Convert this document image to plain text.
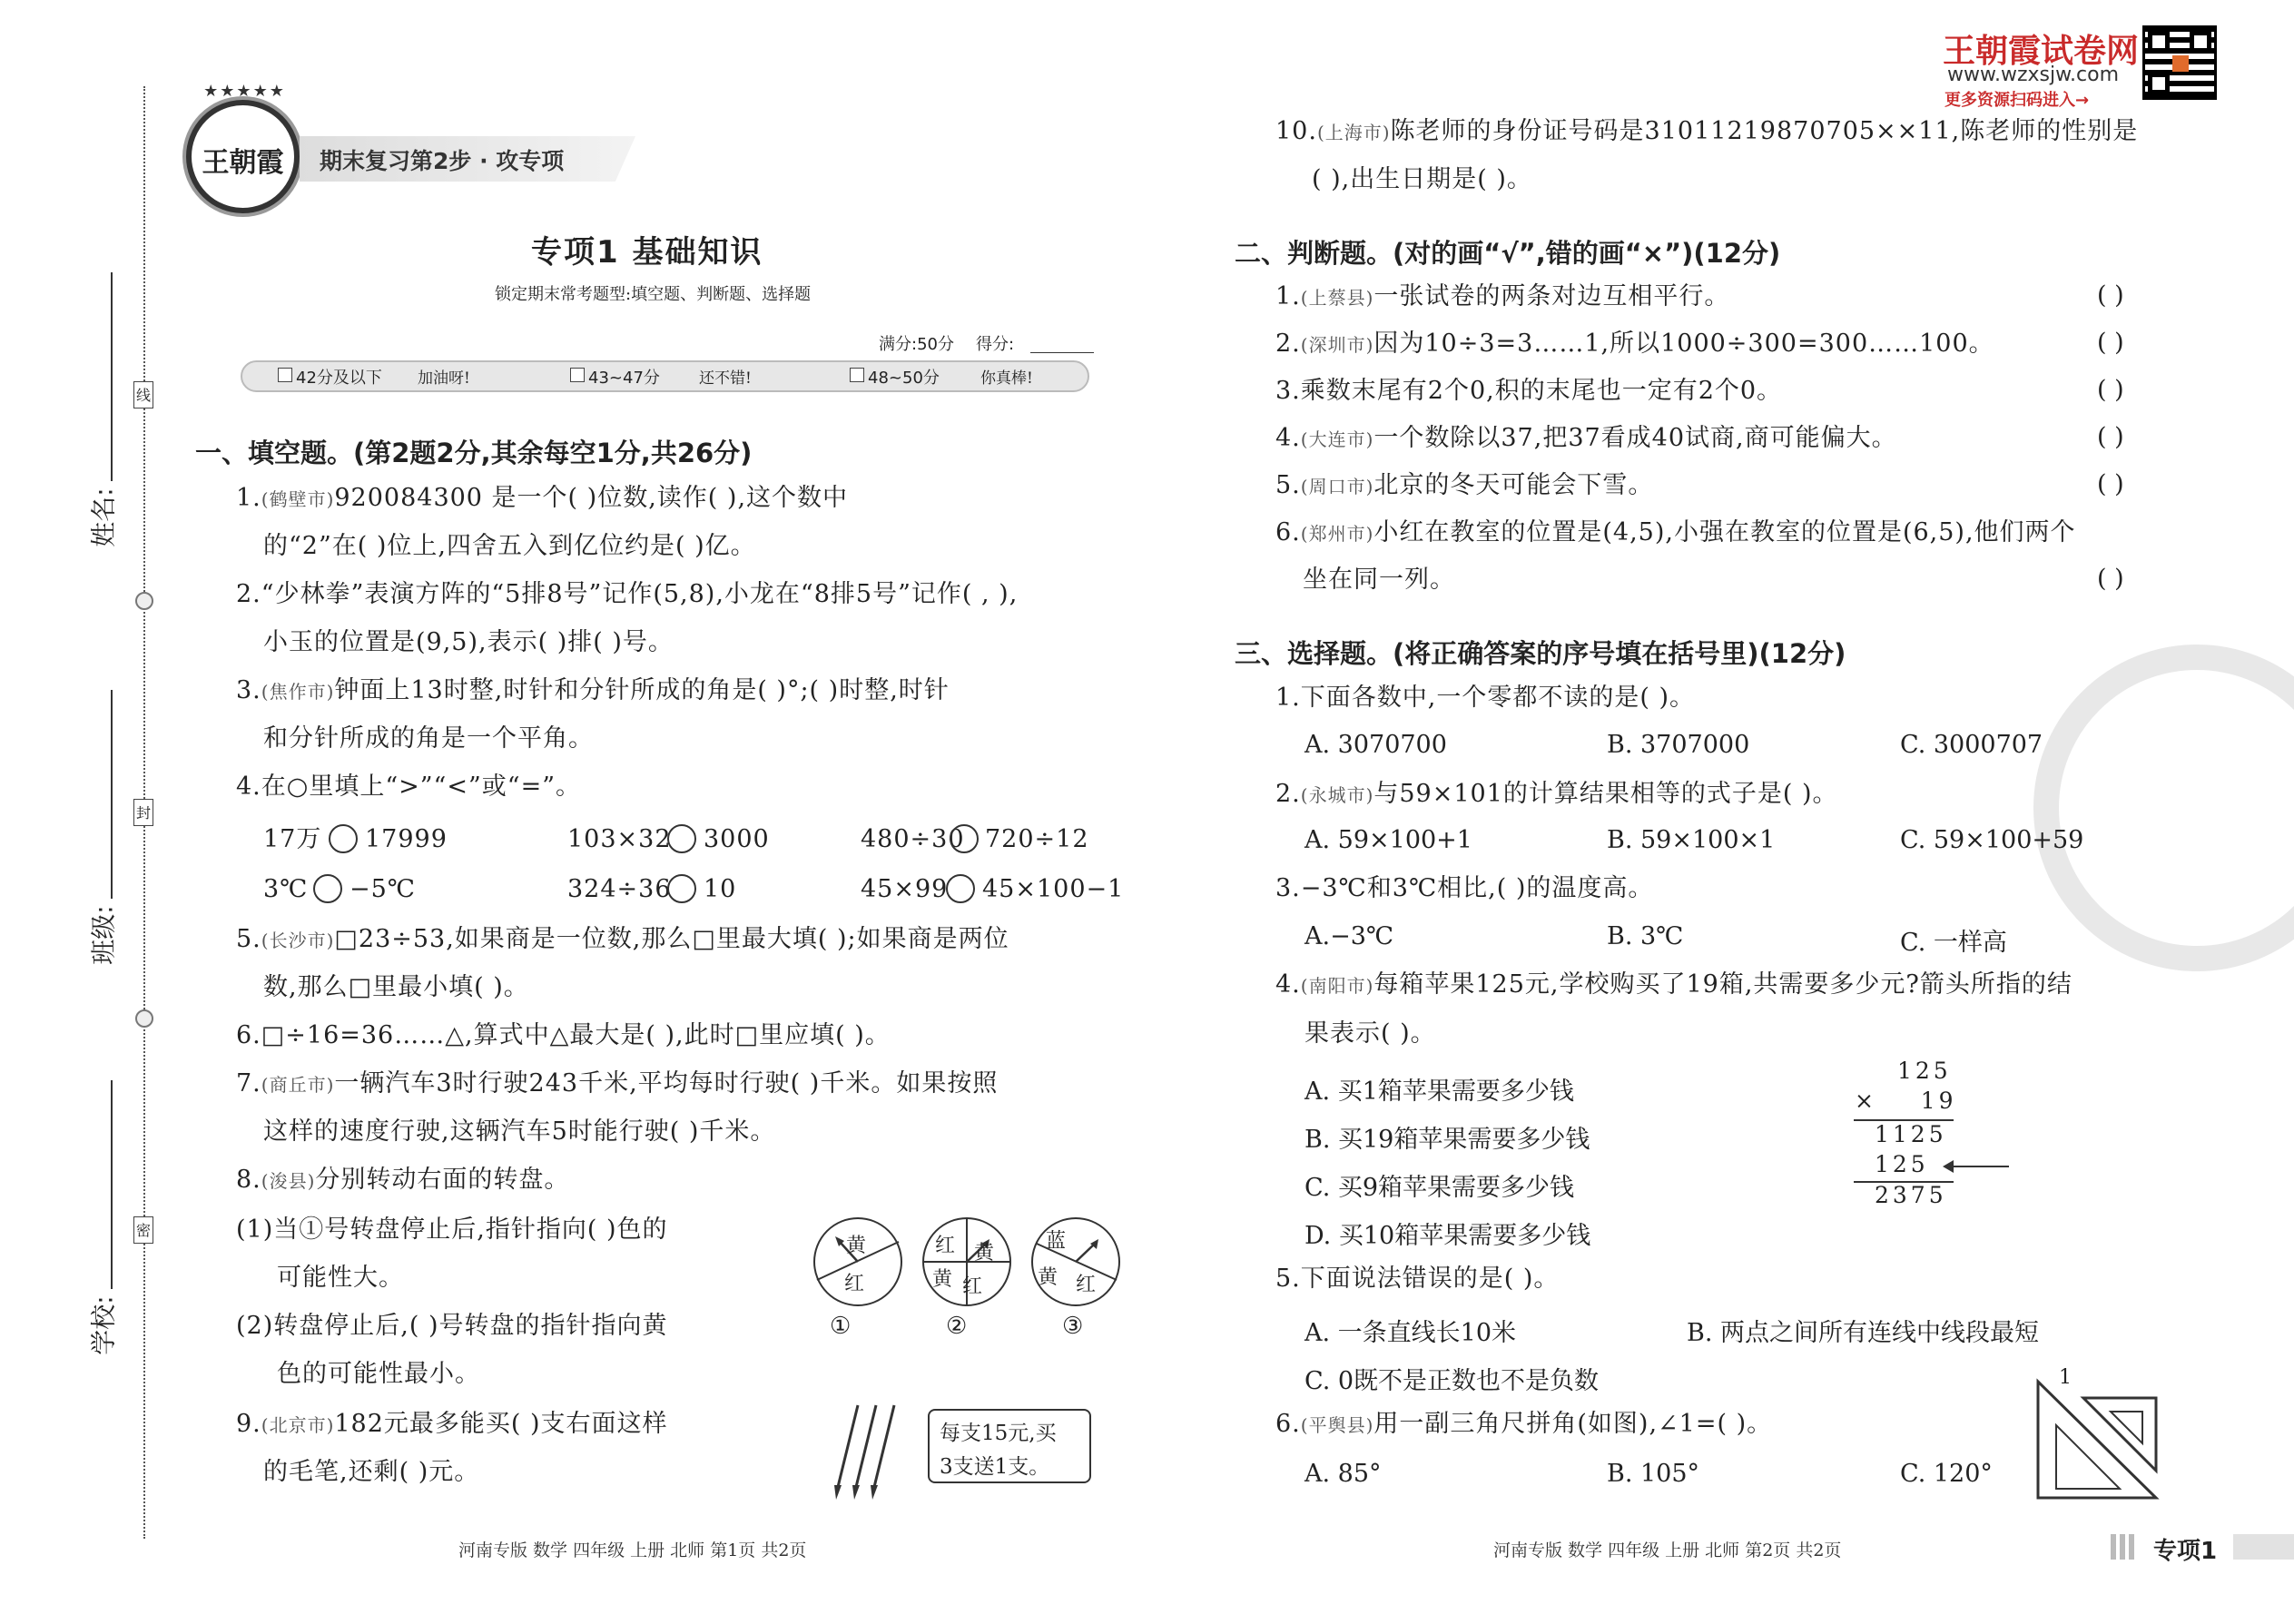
线
封
密
姓名:
班级:
学校:
★★★★★
王朝霞	期末复习第2步 · 攻专项
专项1 基础知识
锁定期末常考题型:填空题、判断题、选择题
满分:50分 得分:
42分及以下 加油呀!	43~47分	还不错!	48~50分	你真棒!
一、填空题。(第2题2分,其余每空1分,共26分)
1.(鹤壁市)920084300 是一个( )位数,读作( ),这个数中
的“2”在( )位上,四舍五入到亿位约是( )亿。
2.“少林拳”表演方阵的“5排8号”记作(5,8),小龙在“8排5号”记作( , ),
小玉的位置是(9,5),表示( )排( )号。
3.(焦作市)钟面上13时整,时针和分针所成的角是( )°;( )时整,时针
和分针所成的角是一个平角。
4.在○里填上“>”“<”或“=”。
17万 17999	103×32 3000	480÷30 720÷12
3℃ −5℃	324÷36 10	45×99 45×100−1
5.(长沙市)□23÷53,如果商是一位数,那么□里最大填( );如果商是两位
数,那么□里最小填( )。
6.□÷16=36……△,算式中△最大是( ),此时□里应填( )。
7.(商丘市)一辆汽车3时行驶243千米,平均每时行驶( )千米。如果按照
这样的速度行驶,这辆汽车5时能行驶( )千米。
8.(浚县)分别转动右面的转盘。
(1)当①号转盘停止后,指针指向( )色的
可能性大。
(2)转盘停止后,( )号转盘的指针指向黄
色的可能性最小。
黄
红
红 黄
黄 红
蓝
黄 红
①	②	③
9.(北京市)182元最多能买( )支右面这样
的毛笔,还剩( )元。
每支15元,买
3支送1支。
河南专版 数学 四年级 上册 北师 第1页 共2页
王朝霞试卷网
www.wzxsjw.com
更多资源扫码进入→
10.(上海市)陈老师的身份证号码是31011219870705××11,陈老师的性别是
( ),出生日期是( )。
二、判断题。(对的画“√”,错的画“×”)(12分)
1.(上蔡县)一张试卷的两条对边互相平行。	( )
2.(深圳市)因为10÷3=3……1,所以1000÷300=300……100。	( )
3.乘数末尾有2个0,积的末尾也一定有2个0。	( )
4.(大连市)一个数除以37,把37看成40试商,商可能偏大。	( )
5.(周口市)北京的冬天可能会下雪。	( )
6.(郑州市)小红在教室的位置是(4,5),小强在教室的位置是(6,5),他们两个
坐在同一列。	( )
三、选择题。(将正确答案的序号填在括号里)(12分)
1.下面各数中,一个零都不读的是( )。
A. 3070700	B. 3707000	C. 3000707
2.(永城市)与59×101的计算结果相等的式子是( )。
A. 59×100+1	B. 59×100×1	C. 59×100+59
3.−3℃和3℃相比,( )的温度高。
A.−3℃	B. 3℃	C. 一样高
4.(南阳市)每箱苹果125元,学校购买了19箱,共需要多少元?箭头所指的结
果表示( )。
A. 买1箱苹果需要多少钱
B. 买19箱苹果需要多少钱
C. 买9箱苹果需要多少钱
D. 买10箱苹果需要多少钱
125
×    19
1125
125
2375
5.下面说法错误的是( )。
A. 一条直线长10米	B. 两点之间所有连线中线段最短
C. 0既不是正数也不是负数
6.(平舆县)用一副三角尺拼角(如图),∠1=( )。
A. 85°	B. 105°	C. 120°
1
河南专版 数学 四年级 上册 北师 第2页 共2页	专项1
